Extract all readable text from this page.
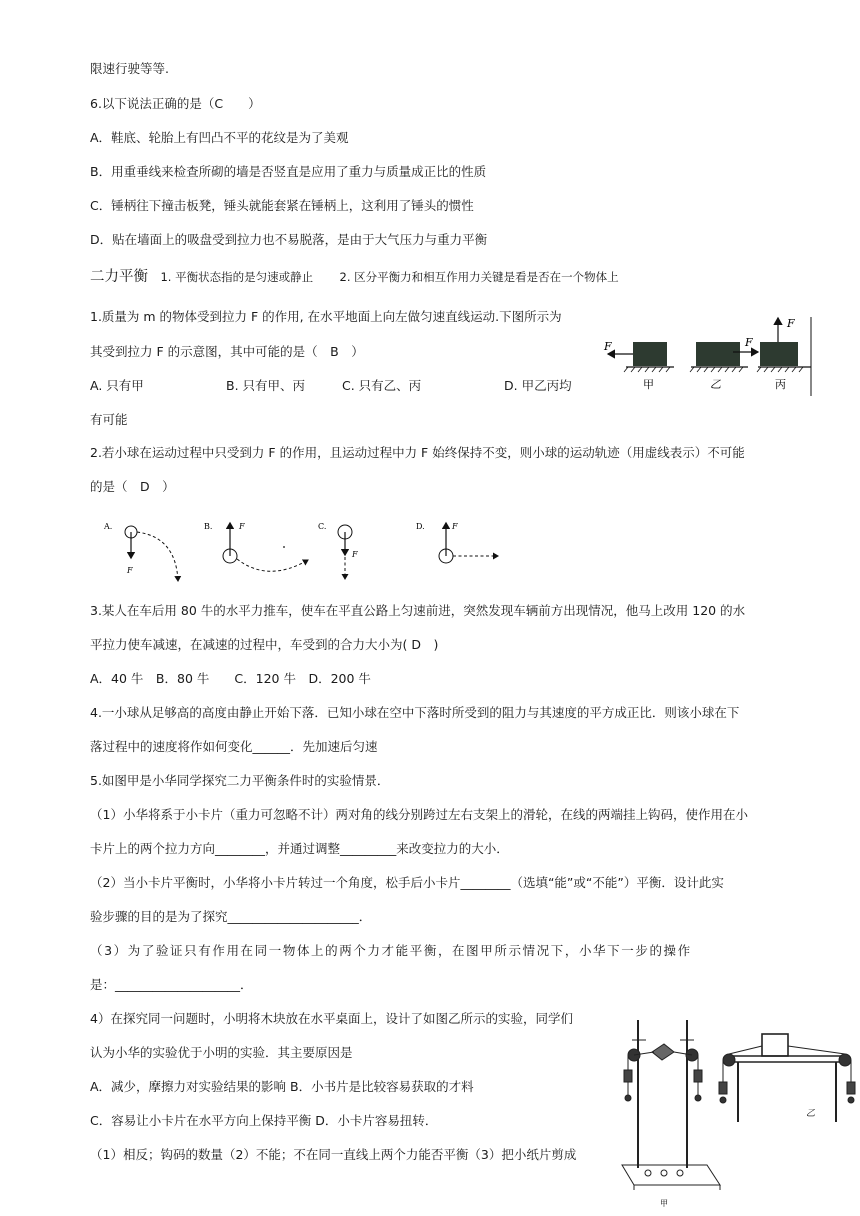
限速行驶等等.
6.以下说法正确的是（C　　）
A．鞋底、轮胎上有凹凸不平的花纹是为了美观
B．用重垂线来检查所砌的墙是否竖直是应用了重力与质量成正比的性质
C．锤柄往下撞击板凳，锤头就能套紧在锤柄上，这利用了锤头的惯性
D．贴在墙面上的吸盘受到拉力也不易脱落，是由于大气压力与重力平衡
二力平衡 1. 平衡状态指的是匀速或静止 2. 区分平衡力和相互作用力关键是看是否在一个物体上
1.质量为 m 的物体受到拉力 F 的作用, 在水平地面上向左做匀速直线运动.下图所示为
其受到拉力 F 的示意图，其中可能的是（　B　）
A. 只有甲	B. 只有甲、丙	C. 只有乙、丙	D. 甲乙丙均
有可能
2.若小球在运动过程中只受到力 F 的作用，且运动过程中力 F 始终保持不变，则小球的运动轨迹（用虚线表示）不可能
的是（　D　）
3.某人在车后用 80 牛的水平力推车，使车在平直公路上匀速前进，突然发现车辆前方出现情况，他马上改用 120 的水
平拉力使车减速，在减速的过程中，车受到的合力大小为( D　)
A．40 牛　B．80 牛　　C．120 牛　D．200 牛
4.一小球从足够高的高度由静止开始下落．已知小球在空中下落时所受到的阻力与其速度的平方成正比．则该小球在下
落过程中的速度将作如何变化______．先加速后匀速
5.如图甲是小华同学探究二力平衡条件时的实验情景．
（1）小华将系于小卡片（重力可忽略不计）两对角的线分别跨过左右支架上的滑轮，在线的两端挂上钩码，使作用在小
卡片上的两个拉力方向________，并通过调整_________来改变拉力的大小．
（2）当小卡片平衡时，小华将小卡片转过一个角度，松手后小卡片________（选填“能”或“不能”）平衡．设计此实
验步骤的目的是为了探究_____________________．
（3）为了验证只有作用在同一物体上的两个力才能平衡，在图甲所示情况下，小华下一步的操作
是：____________________．
4）在探究同一问题时，小明将木块放在水平桌面上，设计了如图乙所示的实验，同学们
认为小华的实验优于小明的实验．其主要原因是
A．减少，摩擦力对实验结果的影响 B．小书片是比较容易获取的才料
C．容易让小卡片在水平方向上保持平衡 D．小卡片容易扭转．
（1）相反；钩码的数量（2）不能；不在同一直线上两个力能否平衡（3）把小纸片剪成
F
甲
F
乙
F
丙
A.
F
B.	F	C.
F
D.	F
甲
乙
